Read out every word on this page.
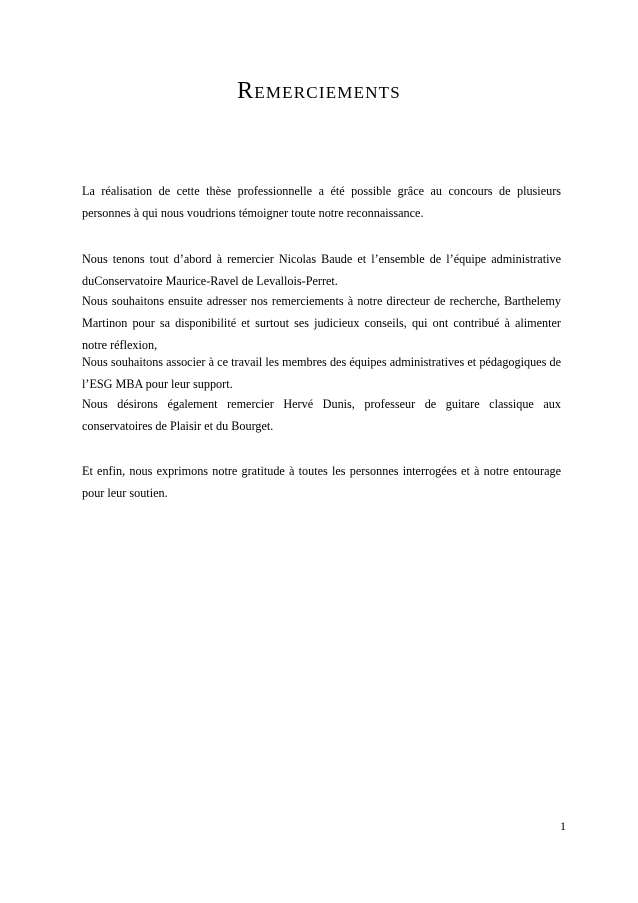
Remerciements

La réalisation de cette thèse professionnelle a été possible grâce au concours de plusieurs personnes à qui nous voudrions témoigner toute notre reconnaissance.

Nous tenons tout d’abord à remercier Nicolas Baude et l’ensemble de l’équipe administrative duConservatoire Maurice-Ravel de Levallois-Perret.

Nous souhaitons ensuite adresser nos remerciements à notre directeur de recherche, Barthelemy Martinon pour sa disponibilité et surtout ses judicieux conseils, qui ont contribué à alimenter notre réflexion,

Nous souhaitons associer à ce travail les membres des équipes administratives et pédagogiques de l’ESG MBA pour leur support.

Nous désirons également remercier Hervé Dunis, professeur de guitare classique aux conservatoires de Plaisir et du Bourget.

Et enfin, nous exprimons notre gratitude à toutes les personnes interrogées et à notre entourage pour leur soutien.

1
